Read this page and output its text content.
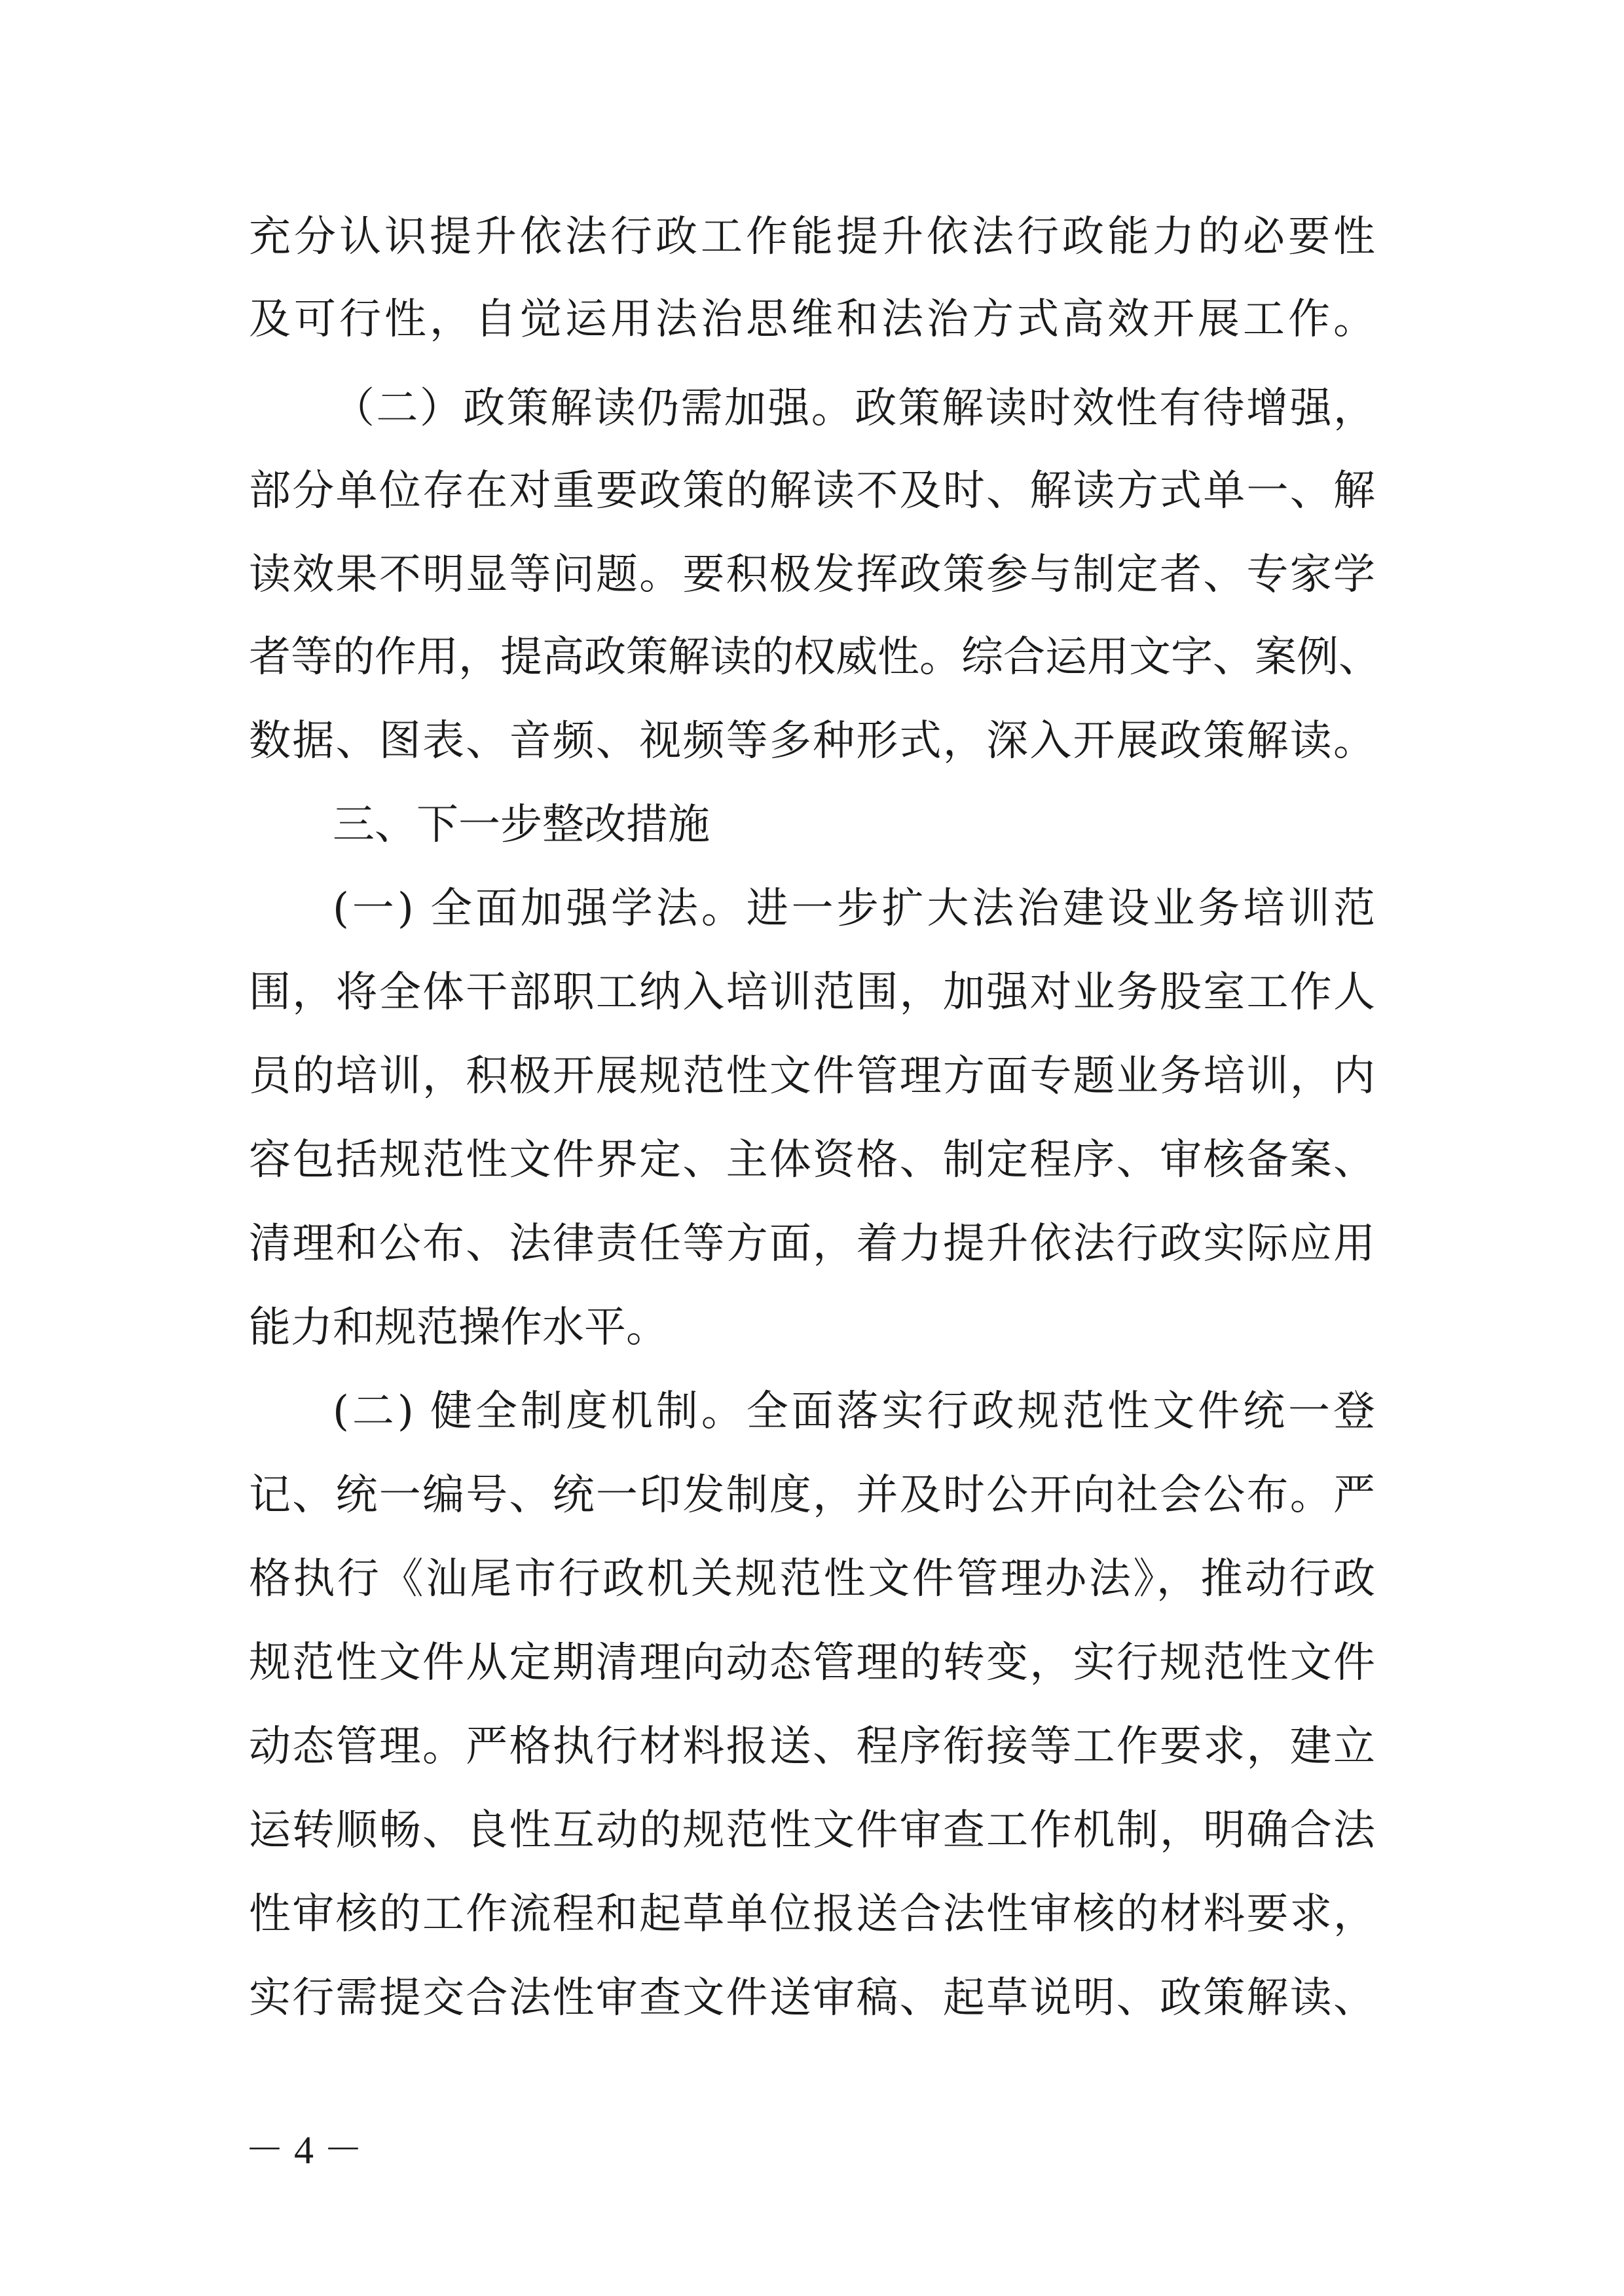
充分认识提升依法行政工作能提升依法行政能力的必要性
及可行性，自觉运用法治思维和法治方式高效开展工作。
（二）政策解读仍需加强。政策解读时效性有待增强，
部分单位存在对重要政策的解读不及时、解读方式单一、解
读效果不明显等问题。要积极发挥政策参与制定者、专家学
者等的作用，提高政策解读的权威性。综合运用文字、案例、
数据、图表、音频、视频等多种形式，深入开展政策解读。
三、下一步整改措施
(一) 全面加强学法。进一步扩大法治建设业务培训范
围，将全体干部职工纳入培训范围，加强对业务股室工作人
员的培训，积极开展规范性文件管理方面专题业务培训，内
容包括规范性文件界定、主体资格、制定程序、审核备案、
清理和公布、法律责任等方面，着力提升依法行政实际应用
能力和规范操作水平。
(二) 健全制度机制。全面落实行政规范性文件统一登
记、统一编号、统一印发制度，并及时公开向社会公布。严
格执行《汕尾市行政机关规范性文件管理办法》，推动行政
规范性文件从定期清理向动态管理的转变，实行规范性文件
动态管理。严格执行材料报送、程序衔接等工作要求，建立
运转顺畅、良性互动的规范性文件审查工作机制，明确合法
性审核的工作流程和起草单位报送合法性审核的材料要求，
实行需提交合法性审查文件送审稿、起草说明、政策解读、
－ 4 －
